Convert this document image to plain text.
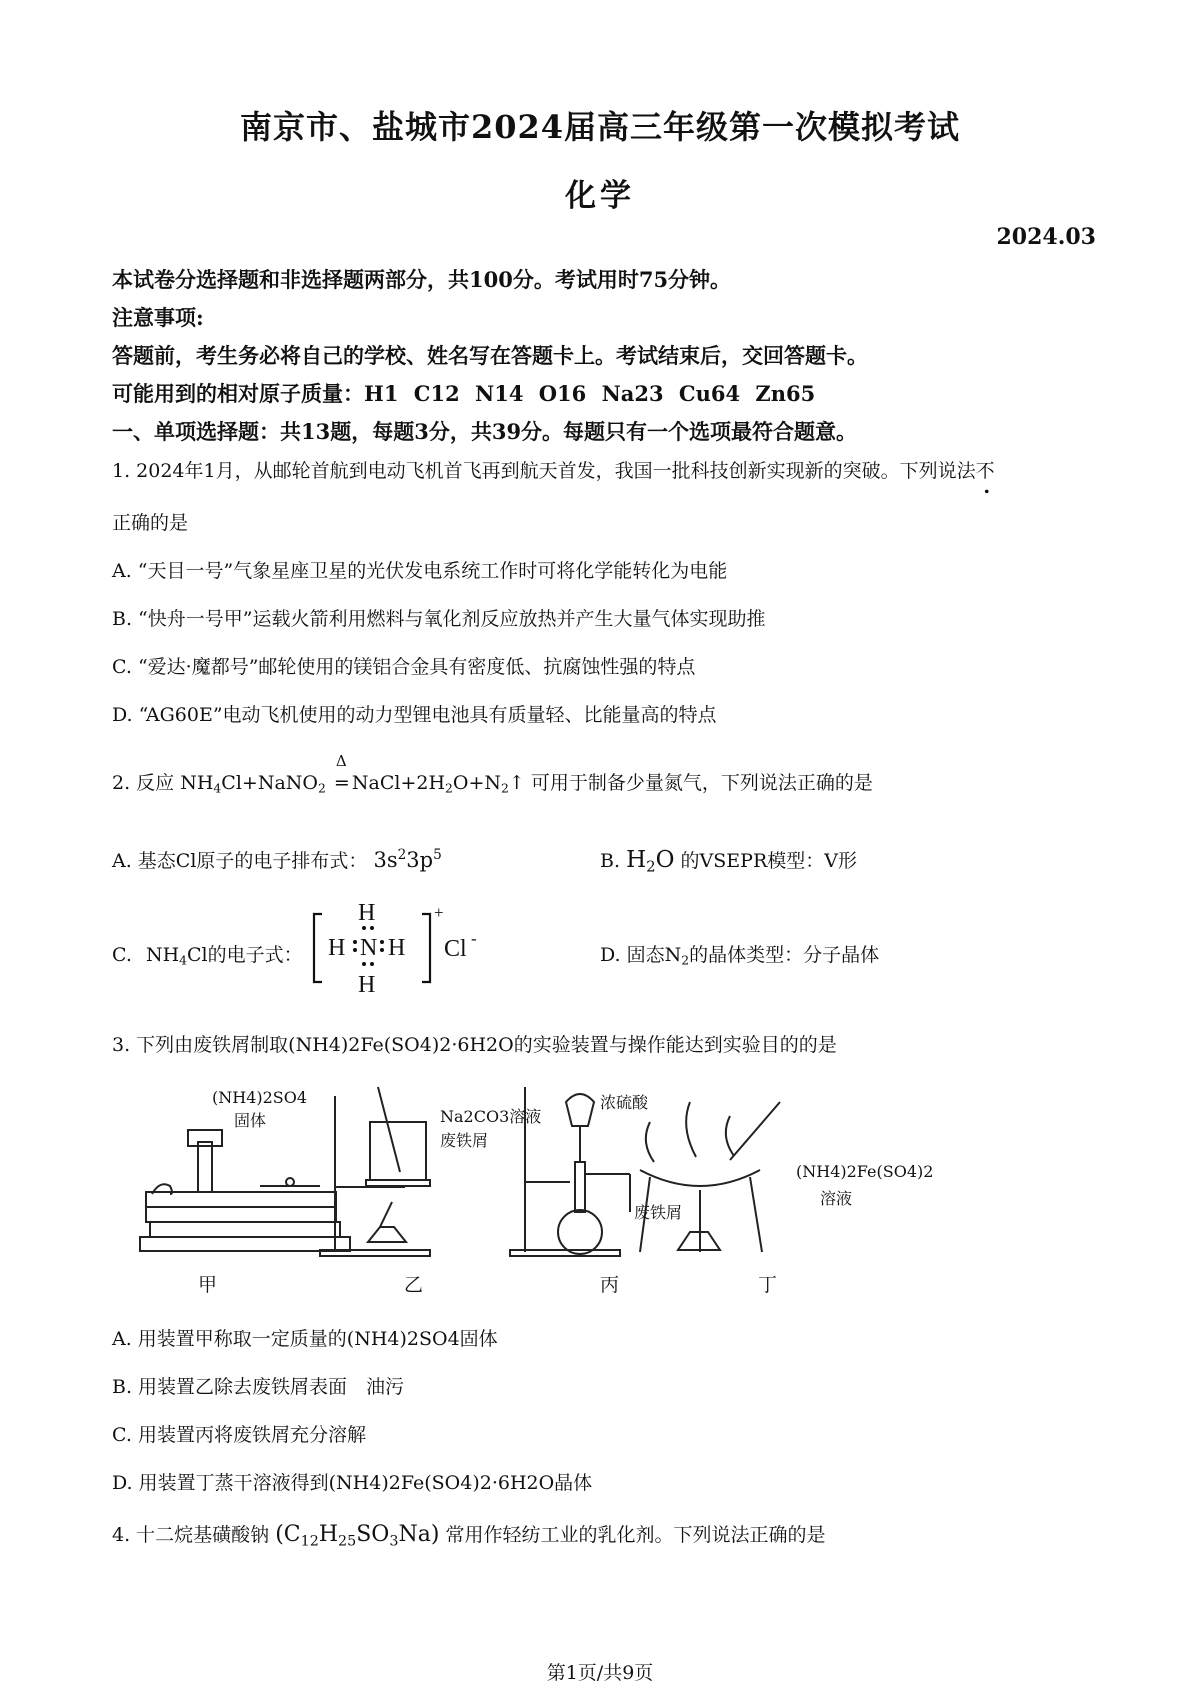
南京市、盐城市2024届高三年级第一次模拟考试
化学
2024.03
本试卷分选择题和非选择题两部分，共100分。考试用时75分钟。
注意事项:
答题前，考生务必将自己的学校、姓名写在答题卡上。考试结束后，交回答题卡。
可能用到的相对原子质量：H1 C12 N14 O16 Na23 Cu64 Zn65
一、单项选择题：共13题，每题3分，共39分。每题只有一个选项最符合题意。
1. 2024年1月，从邮轮首航到电动飞机首飞再到航天首发，我国一批科技创新实现新的突破。下列说法不
正确的是
A. “天目一号”气象星座卫星的光伏发电系统工作时可将化学能转化为电能
B. “快舟一号甲”运载火箭利用燃料与氧化剂反应放热并产生大量气体实现助推
C. “爱达·魔都号”邮轮使用的镁铝合金具有密度低、抗腐蚀性强的特点
D. “AG60E”电动飞机使用的动力型锂电池具有质量轻、比能量高的特点
2. 反应 $NH_4Cl+NaNO_2$
Δ
$=NaCl+2H_2O+N_2↑$ 可用于制备少量氮气，下列说法正确的是
A. 基态Cl原子的电子排布式： $3s^23p^5$	B. $H_2O$ 的VSEPR模型：V形
C. $NH_4Cl$的电子式：
H
H N H
H
+
Cl -
D. 固态$N_2$的晶体类型：分子晶体
3. 下列由废铁屑制取(NH4)2Fe(SO4)2·6H2O的实验装置与操作能达到实验目的的是
(NH4)2SO4
固体	Na2CO3溶液
废铁屑
浓硫酸
废铁屑
(NH4)2Fe(SO4)2
溶液
甲	乙	丙	丁
A. 用装置甲称取一定质量的(NH4)2SO4固体
B. 用装置乙除去废铁屑表面　油污
C. 用装置丙将废铁屑充分溶解
D. 用装置丁蒸干溶液得到(NH4)2Fe(SO4)2·6H2O晶体
4. 十二烷基磺酸钠 $(C_{12}H_{25}SO_3Na)$ 常用作轻纺工业的乳化剂。下列说法正确的是
第1页/共9页
